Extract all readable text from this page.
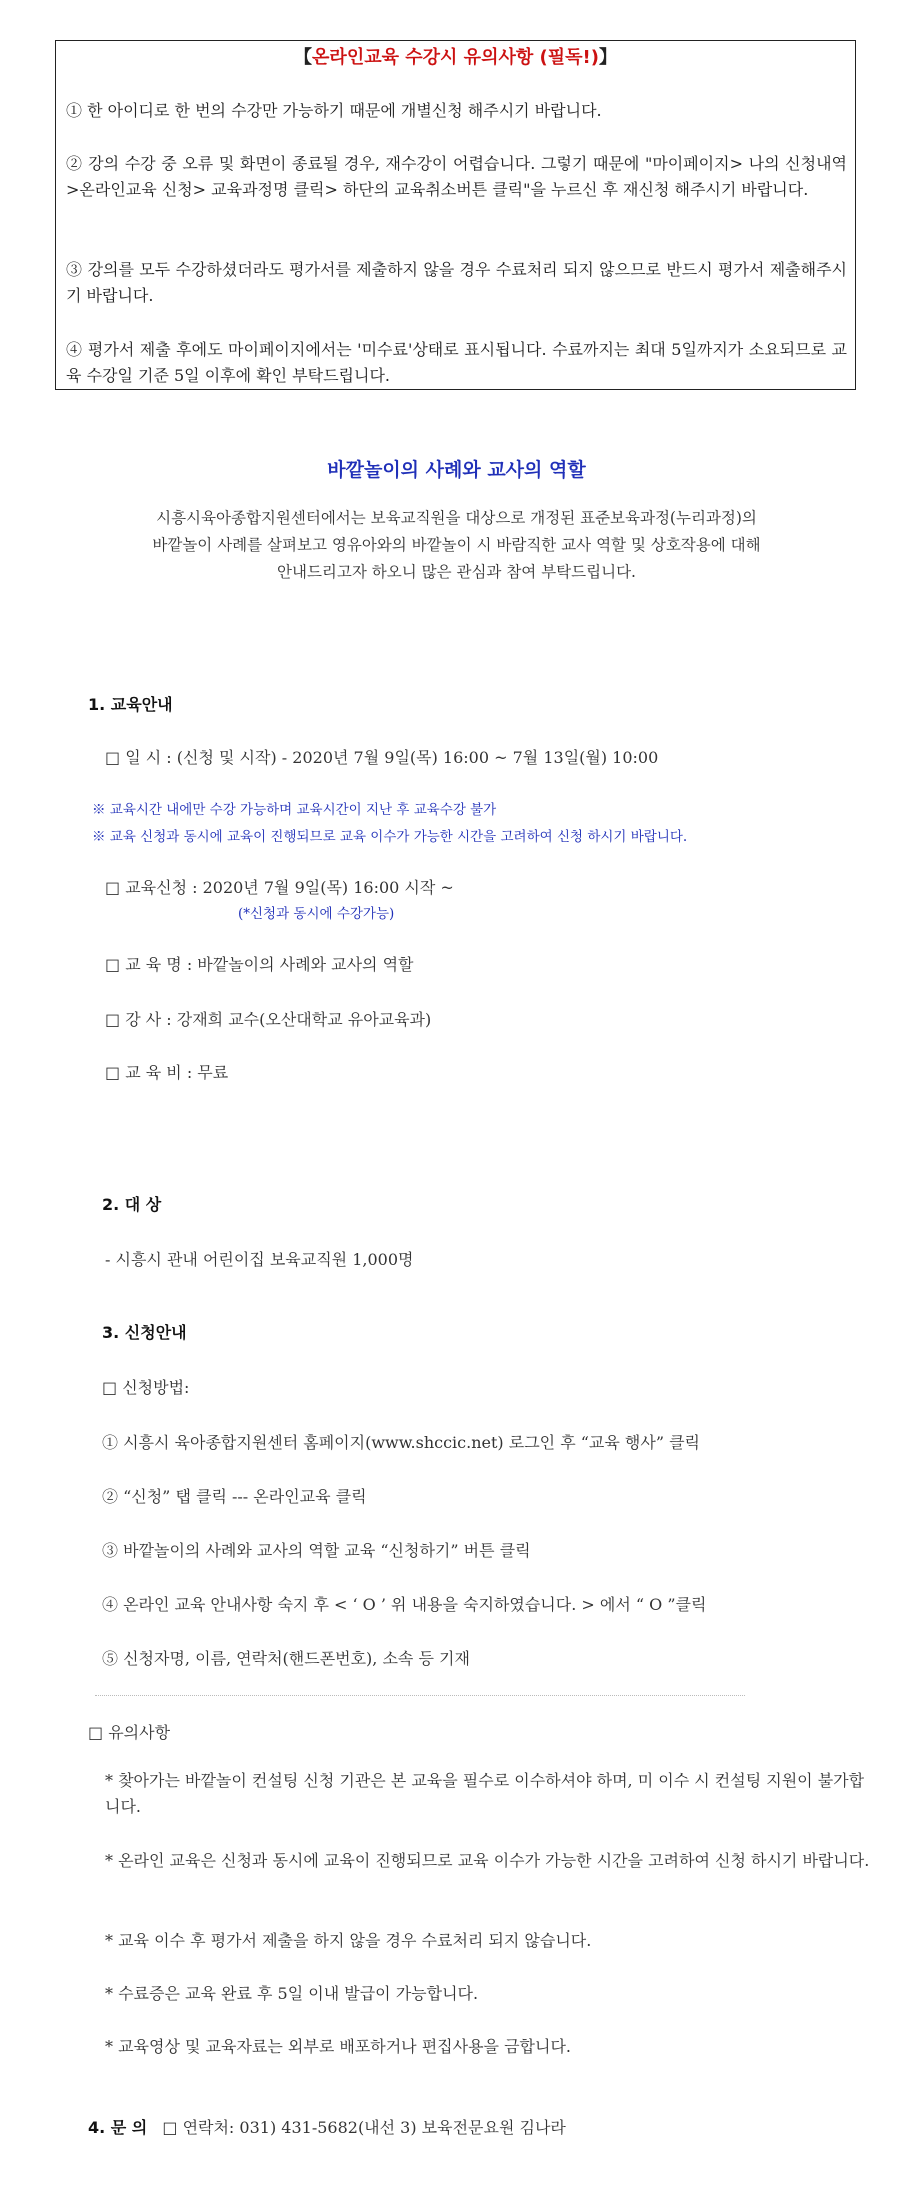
【온라인교육 수강시 유의사항 (필독!)】
① 한 아이디로 한 번의 수강만 가능하기 때문에 개별신청 해주시기 바랍니다.
② 강의 수강 중 오류 및 화면이 종료될 경우, 재수강이 어렵습니다. 그렇기 때문에 "마이페이지> 나의 신청내역>온라인교육 신청> 교육과정명 클릭> 하단의 교육취소버튼 클릭"을 누르신 후 재신청 해주시기 바랍니다.
③ 강의를 모두 수강하셨더라도 평가서를 제출하지 않을 경우 수료처리 되지 않으므로 반드시 평가서 제출해주시기 바랍니다.
④ 평가서 제출 후에도 마이페이지에서는 '미수료'상태로 표시됩니다. 수료까지는 최대 5일까지가 소요되므로 교육 수강일 기준 5일 이후에 확인 부탁드립니다.
바깥놀이의 사례와 교사의 역할
시흥시육아종합지원센터에서는 보육교직원을 대상으로 개정된 표준보육과정(누리과정)의
바깥놀이 사례를 살펴보고 영유아와의 바깥놀이 시 바람직한 교사 역할 및 상호작용에 대해
안내드리고자 하오니 많은 관심과 참여 부탁드립니다.
1. 교육안내
□ 일 시 : (신청 및 시작) - 2020년 7월 9일(목) 16:00 ~ 7월 13일(월) 10:00
※ 교육시간 내에만 수강 가능하며 교육시간이 지난 후 교육수강 불가
※ 교육 신청과 동시에 교육이 진행되므로 교육 이수가 가능한 시간을 고려하여 신청 하시기 바랍니다.
□ 교육신청 : 2020년 7월 9일(목) 16:00 시작 ~
(*신청과 동시에 수강가능)
□ 교 육 명 : 바깥놀이의 사례와 교사의 역할
□ 강 사 : 강재희 교수(오산대학교 유아교육과)
□ 교 육 비 : 무료
2. 대 상
- 시흥시 관내 어린이집 보육교직원 1,000명
3. 신청안내
□ 신청방법:
① 시흥시 육아종합지원센터 홈페이지(www.shccic.net) 로그인 후 “교육 행사” 클릭
② “신청” 탭 클릭 --- 온라인교육 클릭
③ 바깥놀이의 사례와 교사의 역할 교육 “신청하기” 버튼 클릭
④ 온라인 교육 안내사항 숙지 후 < ‘ O ’ 위 내용을 숙지하였습니다. > 에서 “ O ”클릭
⑤ 신청자명, 이름, 연락처(핸드폰번호), 소속 등 기재
□ 유의사항
* 찾아가는 바깥놀이 컨설팅 신청 기관은 본 교육을 필수로 이수하셔야 하며, 미 이수 시 컨설팅 지원이 불가합니다.
* 온라인 교육은 신청과 동시에 교육이 진행되므로 교육 이수가 가능한 시간을 고려하여 신청 하시기 바랍니다.
* 교육 이수 후 평가서 제출을 하지 않을 경우 수료처리 되지 않습니다.
* 수료증은 교육 완료 후 5일 이내 발급이 가능합니다.
* 교육영상 및 교육자료는 외부로 배포하거나 편집사용을 금합니다.
4. 문 의 □ 연락처: 031) 431-5682(내선 3) 보육전문요원 김나라
